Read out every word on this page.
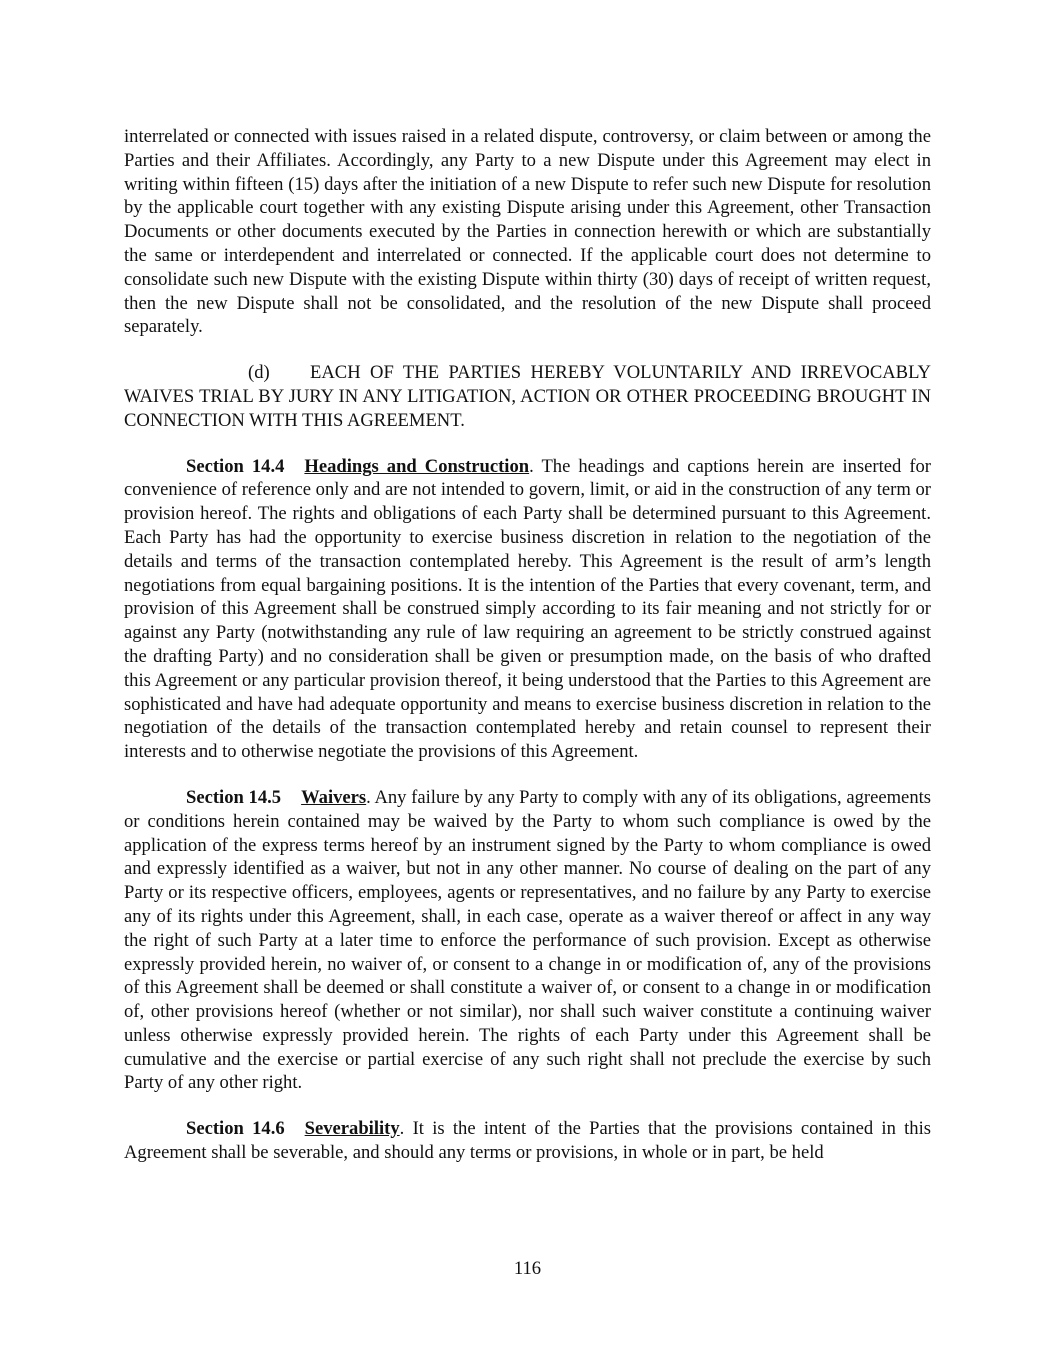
interrelated or connected with issues raised in a related dispute, controversy, or claim between or among the Parties and their Affiliates. Accordingly, any Party to a new Dispute under this Agreement may elect in writing within fifteen (15) days after the initiation of a new Dispute to refer such new Dispute for resolution by the applicable court together with any existing Dispute arising under this Agreement, other Transaction Documents or other documents executed by the Parties in connection herewith or which are substantially the same or interdependent and interrelated or connected. If the applicable court does not determine to consolidate such new Dispute with the existing Dispute within thirty (30) days of receipt of written request, then the new Dispute shall not be consolidated, and the resolution of the new Dispute shall proceed separately.

(d) EACH OF THE PARTIES HEREBY VOLUNTARILY AND IRREVOCABLY WAIVES TRIAL BY JURY IN ANY LITIGATION, ACTION OR OTHER PROCEEDING BROUGHT IN CONNECTION WITH THIS AGREEMENT.

Section 14.4 Headings and Construction. The headings and captions herein are inserted for convenience of reference only and are not intended to govern, limit, or aid in the construction of any term or provision hereof. The rights and obligations of each Party shall be determined pursuant to this Agreement. Each Party has had the opportunity to exercise business discretion in relation to the negotiation of the details and terms of the transaction contemplated hereby. This Agreement is the result of arm’s length negotiations from equal bargaining positions. It is the intention of the Parties that every covenant, term, and provision of this Agreement shall be construed simply according to its fair meaning and not strictly for or against any Party (notwithstanding any rule of law requiring an agreement to be strictly construed against the drafting Party) and no consideration shall be given or presumption made, on the basis of who drafted this Agreement or any particular provision thereof, it being understood that the Parties to this Agreement are sophisticated and have had adequate opportunity and means to exercise business discretion in relation to the negotiation of the details of the transaction contemplated hereby and retain counsel to represent their interests and to otherwise negotiate the provisions of this Agreement.

Section 14.5 Waivers. Any failure by any Party to comply with any of its obligations, agreements or conditions herein contained may be waived by the Party to whom such compliance is owed by the application of the express terms hereof by an instrument signed by the Party to whom compliance is owed and expressly identified as a waiver, but not in any other manner. No course of dealing on the part of any Party or its respective officers, employees, agents or representatives, and no failure by any Party to exercise any of its rights under this Agreement, shall, in each case, operate as a waiver thereof or affect in any way the right of such Party at a later time to enforce the performance of such provision. Except as otherwise expressly provided herein, no waiver of, or consent to a change in or modification of, any of the provisions of this Agreement shall be deemed or shall constitute a waiver of, or consent to a change in or modification of, other provisions hereof (whether or not similar), nor shall such waiver constitute a continuing waiver unless otherwise expressly provided herein. The rights of each Party under this Agreement shall be cumulative and the exercise or partial exercise of any such right shall not preclude the exercise by such Party of any other right.

Section 14.6 Severability. It is the intent of the Parties that the provisions contained in this Agreement shall be severable, and should any terms or provisions, in whole or in part, be held

116
